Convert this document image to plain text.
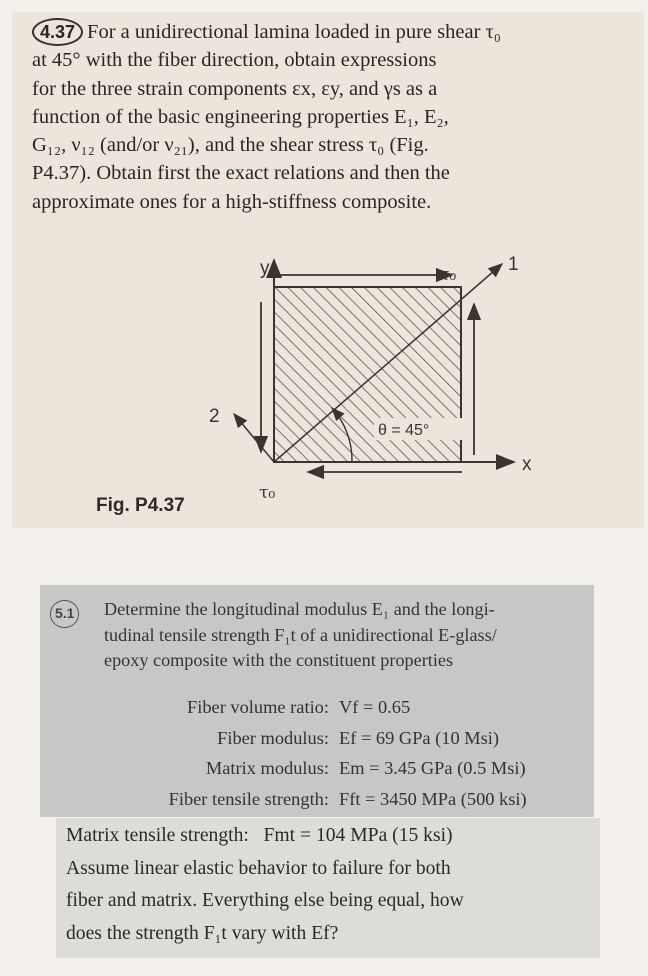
4.37 For a unidirectional lamina loaded in pure shear τ₀

at 45° with the fiber direction, obtain expressions

for the three strain components εx, εy, and γs as a

function of the basic engineering properties E₁, E₂,

G₁₂, ν₁₂ (and/or ν₂₁), and the shear stress τ₀ (Fig.

P4.37). Obtain first the exact relations and then the

approximate ones for a high-stiffness composite.

y
x
1
2
τ₀
τ₀
θ = 45°
Fig. P4.37
5.1 Determine the longitudinal modulus E₁ and the longi-
tudinal tensile strength F₁t of a unidirectional E-glass/
epoxy composite with the constituent properties
Fiber volume ratio: Vf = 0.65
Fiber modulus: Ef = 69 GPa (10 Msi)
Matrix modulus: Em = 3.45 GPa (0.5 Msi)
Fiber tensile strength: Fft = 3450 MPa (500 ksi)

Matrix tensile strength:   Fmt = 104 MPa (15 ksi)

Assume linear elastic behavior to failure for both

fiber and matrix. Everything else being equal, how

does the strength F₁t vary with Ef?
